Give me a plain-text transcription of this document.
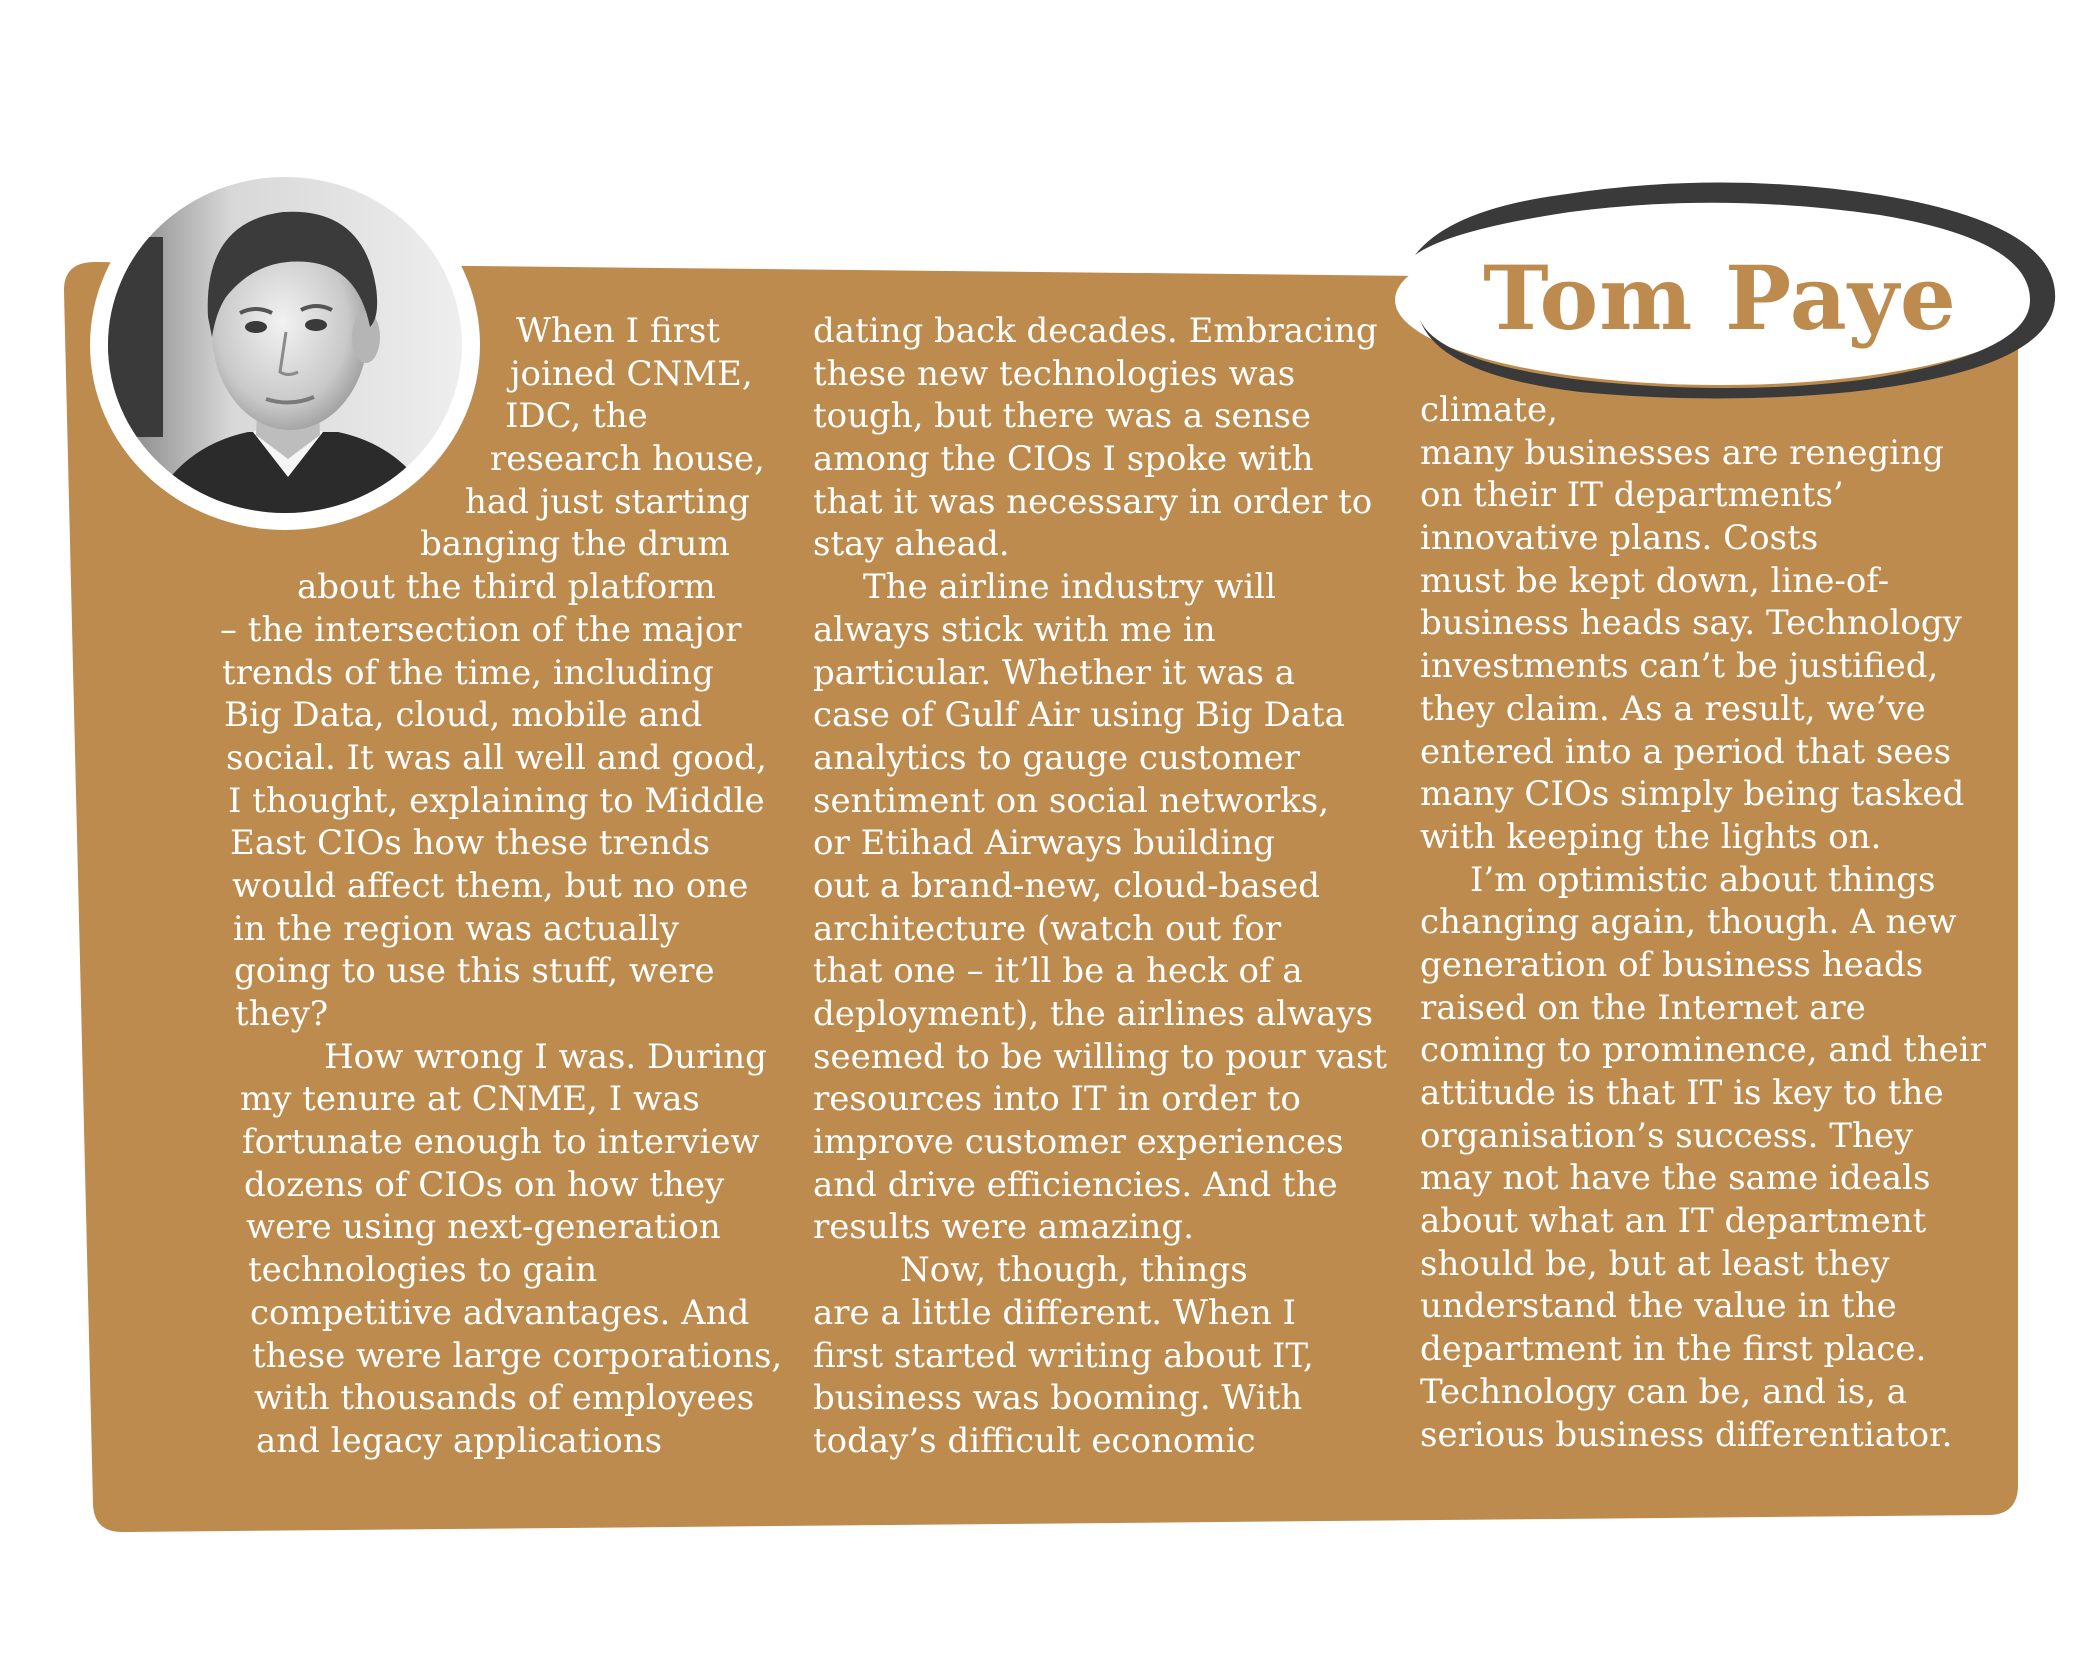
Tom Paye
When I first
joined CNME,
IDC, the
research house,
had just starting
banging the drum
about the third platform
– the intersection of the major
trends of the time, including
Big Data, cloud, mobile and
social. It was all well and good,
I thought, explaining to Middle
East CIOs how these trends
would affect them, but no one
in the region was actually
going to use this stuff, were
they?
How wrong I was. During
my tenure at CNME, I was
fortunate enough to interview
dozens of CIOs on how they
were using next-generation
technologies to gain
competitive advantages. And
these were large corporations,
with thousands of employees
and legacy applications
dating back decades. Embracing
these new technologies was
tough, but there was a sense
among the CIOs I spoke with
that it was necessary in order to
stay ahead.
The airline industry will
always stick with me in
particular. Whether it was a
case of Gulf Air using Big Data
analytics to gauge customer
sentiment on social networks,
or Etihad Airways building
out a brand-new, cloud-based
architecture (watch out for
that one – it’ll be a heck of a
deployment), the airlines always
seemed to be willing to pour vast
resources into IT in order to
improve customer experiences
and drive efficiencies. And the
results were amazing.
Now, though, things
are a little different. When I
first started writing about IT,
business was booming. With
today’s difficult economic
climate,
many businesses are reneging
on their IT departments’
innovative plans. Costs
must be kept down, line-of-
business heads say. Technology
investments can’t be justified,
they claim. As a result, we’ve
entered into a period that sees
many CIOs simply being tasked
with keeping the lights on.
I’m optimistic about things
changing again, though. A new
generation of business heads
raised on the Internet are
coming to prominence, and their
attitude is that IT is key to the
organisation’s success. They
may not have the same ideals
about what an IT department
should be, but at least they
understand the value in the
department in the first place.
Technology can be, and is, a
serious business differentiator.
